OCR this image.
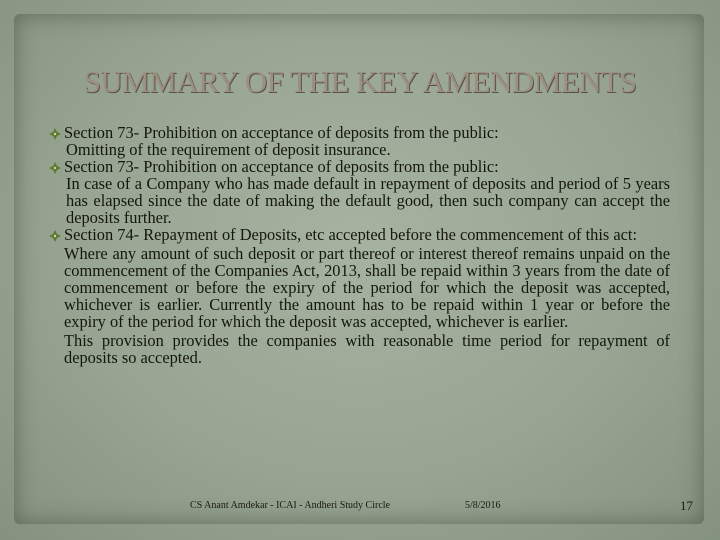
SUMMARY OF THE KEY AMENDMENTS

Section 73- Prohibition on acceptance of deposits from the public:

Omitting of the requirement of deposit insurance.

Section 73- Prohibition on acceptance of deposits from the public:

In case of a Company who has made default in repayment of deposits and period of 5 years has elapsed since the date of making the default good, then such company can accept the deposits further.

Section 74- Repayment of Deposits, etc accepted before the commencement of this act:

Where any amount of such deposit or part thereof or interest thereof remains unpaid on the commencement of the Companies Act, 2013, shall be repaid within 3 years from the date of commencement or before the expiry of the period for which the deposit was accepted, whichever is earlier. Currently the amount has to be repaid within 1 year or before the expiry of the period for which the deposit was accepted, whichever is earlier.

This provision provides the companies with reasonable time period for repayment of deposits so accepted.

CS Anant Amdekar - ICAI - Andheri Study Circle	5/8/2016	17
